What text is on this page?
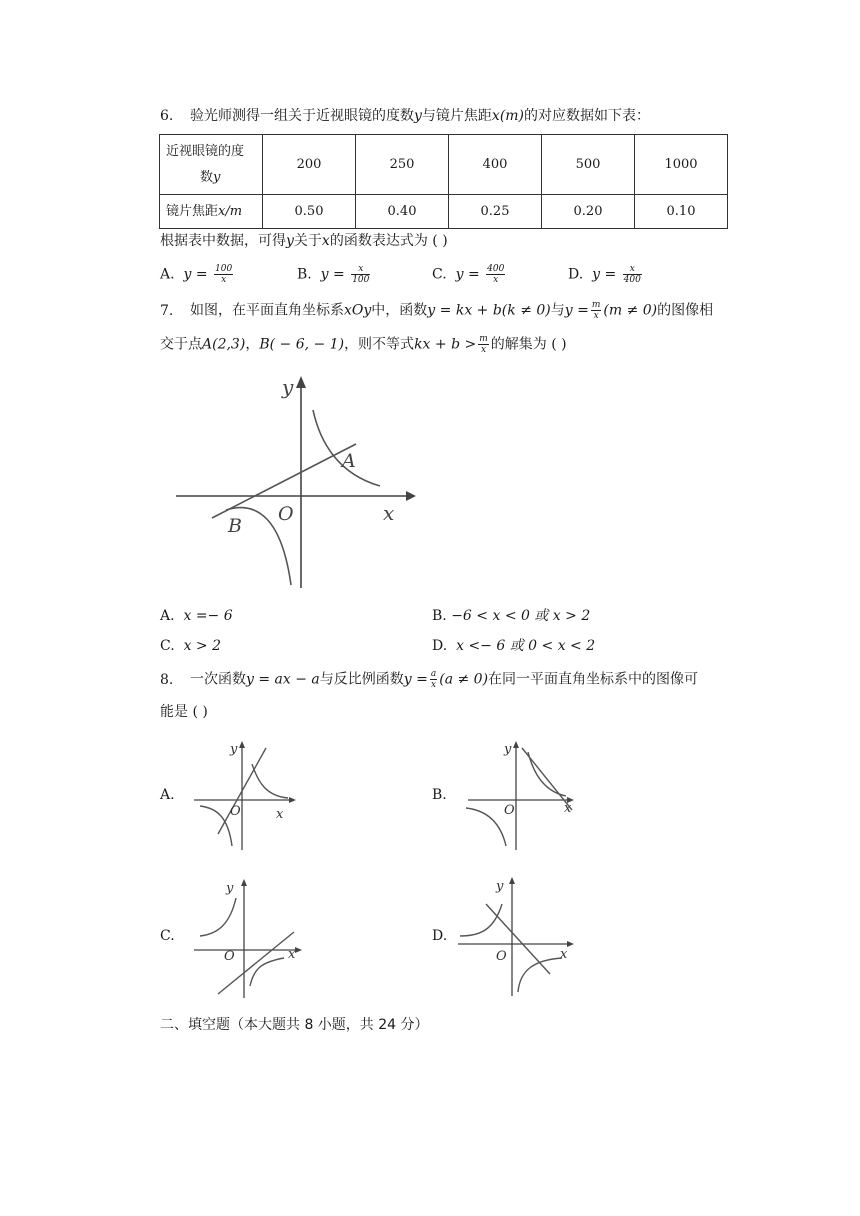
6. 验光师测得一组关于近视眼镜的度数y与镜片焦距x(m)的对应数据如下表：
近视眼镜的度
数y	200	250	400	500	1000
镜片焦距x/m	0.50	0.40	0.25	0.20	0.10
根据表中数据，可得y关于x的函数表达式为 ( )
A. $y = \frac{100}{x}$	B. $y = \frac{x}{100}$	C. $y = \frac{400}{x}$	D. $y = \frac{x}{400}$
7. 如图，在平面直角坐标系xOy中，函数y = kx + b(k ≠ 0)与$y = \frac{m}{x} (m \ne 0)$的图像相
交于点A(2,3)，B( − 6, − 1)，则不等式kx + $b > \frac{m}{x}$ 的解集为 ( )
y
x
O
A
B
A. x =− 6	B. −6 < x < 0 或 x > 2
C. x > 2	D. x <− 6 或 0 < x < 2
8. 一次函数y = ax − a与反比例函数$y = \frac{a}{x} (a \ne 0)$在同一平面直角坐标系中的图像可
能是 ( )
A.
y
x
O
B.
y
x
O
C.
y
x
O
D.
y
x
O
二、填空题（本大题共 8 小题，共 24 分）
